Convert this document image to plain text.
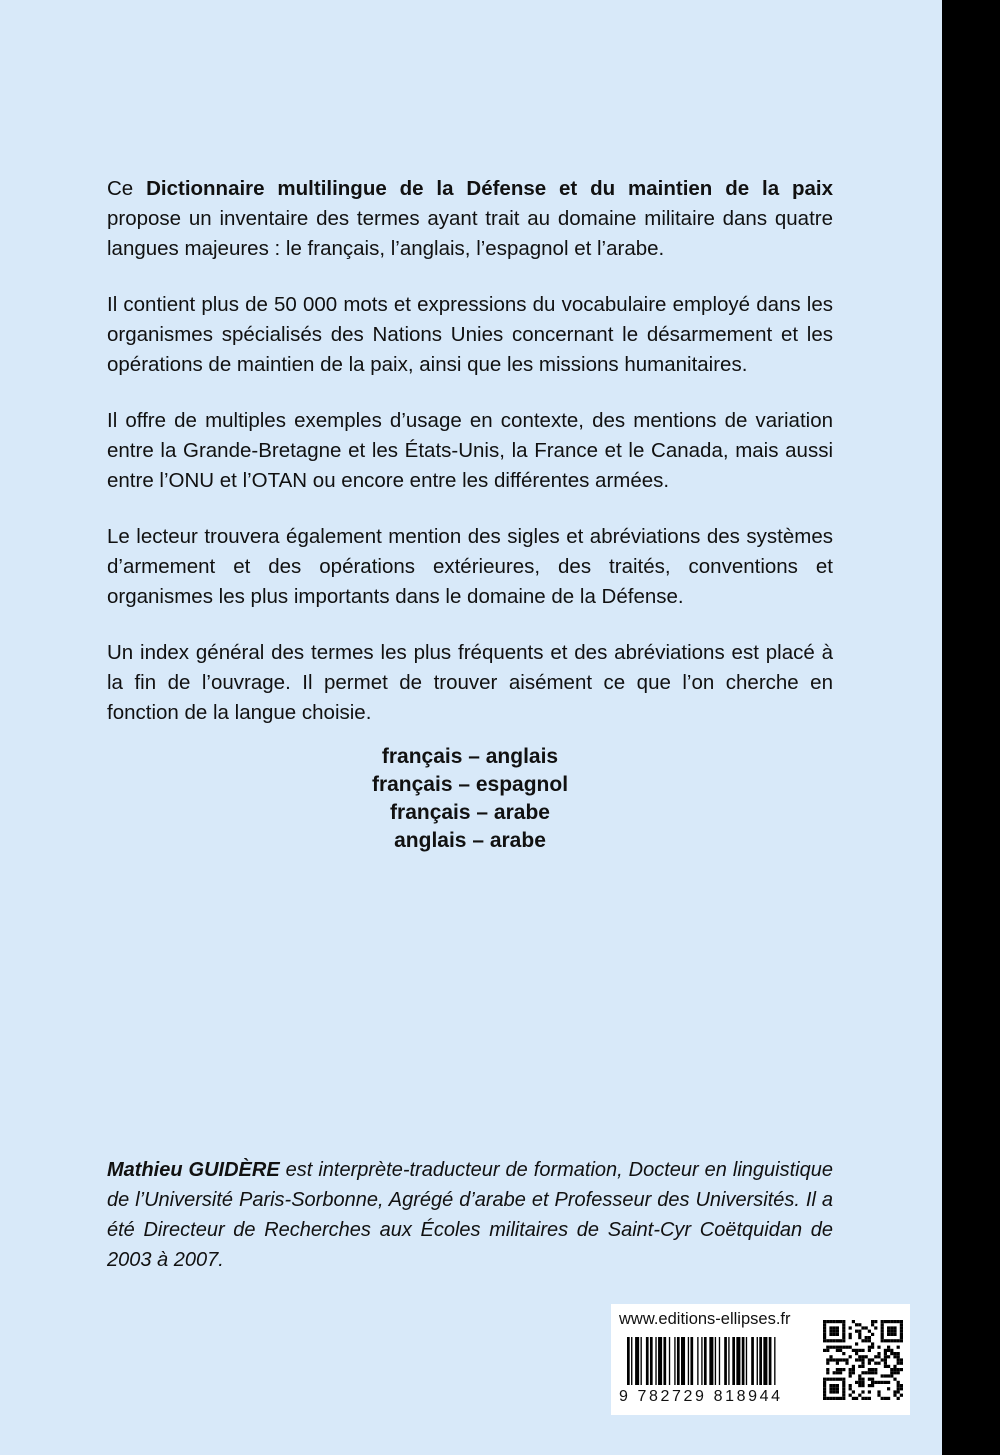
Ce Dictionnaire multilingue de la Défense et du maintien de la paix propose un inventaire des termes ayant trait au domaine militaire dans quatre langues majeures : le français, l’anglais, l’espagnol et l’arabe.

Il contient plus de 50 000 mots et expressions du vocabulaire employé dans les organismes spécialisés des Nations Unies concernant le désarmement et les opérations de maintien de la paix, ainsi que les missions humanitaires.

Il offre de multiples exemples d’usage en contexte, des mentions de variation entre la Grande-Bretagne et les États-Unis, la France et le Canada, mais aussi entre l’ONU et l’OTAN ou encore entre les différentes armées.

Le lecteur trouvera également mention des sigles et abréviations des systèmes d’armement et des opérations extérieures, des traités, conventions et organismes les plus importants dans le domaine de la Défense.

Un index général des termes les plus fréquents et des abréviations est placé à la fin de l’ouvrage. Il permet de trouver aisément ce que l’on cherche en fonction de la langue choisie.

français – anglais
français – espagnol
français – arabe
anglais – arabe
Mathieu GUIDÈRE est interprète-traducteur de formation, Docteur en linguistique de l’Université Paris-Sorbonne, Agrégé d’arabe et Professeur des Universités. Il a été Directeur de Recherches aux Écoles militaires de Saint-Cyr Coëtquidan de 2003 à 2007.
www.editions-ellipses.fr
9 782729 818944
